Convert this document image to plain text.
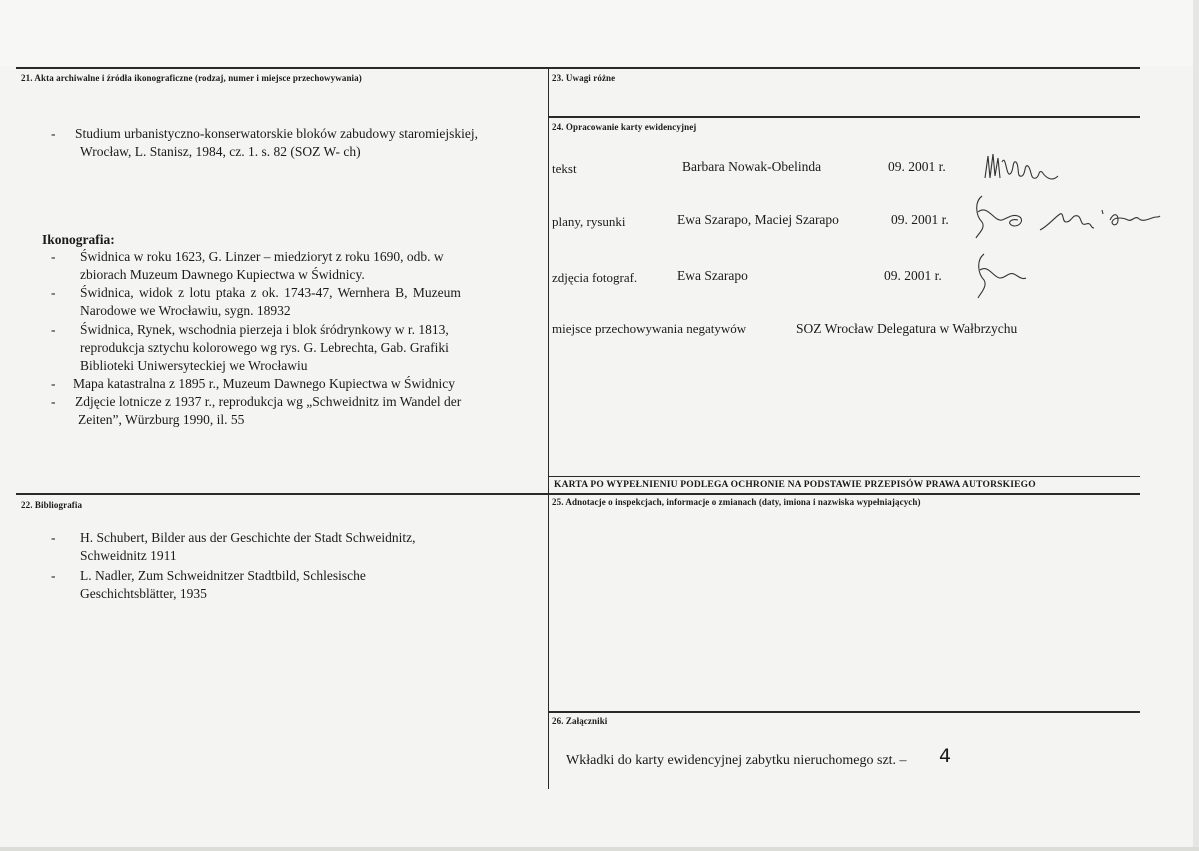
21. Akta archiwalne i źródła ikonograficzne (rodzaj, numer i miejsce przechowywania)
- Studium urbanistyczno-konserwatorskie bloków zabudowy staromiejskiej,
Wrocław, L. Stanisz, 1984, cz. 1. s. 82 (SOZ W- ch)
Ikonografia:
- Świdnica w roku 1623, G. Linzer – miedzioryt z roku 1690, odb. w
zbiorach Muzeum Dawnego Kupiectwa w Świdnicy.
- Świdnica, widok z lotu ptaka z ok. 1743-47, Wernhera B, Muzeum
Narodowe we Wrocławiu, sygn. 18932
- Świdnica, Rynek, wschodnia pierzeja i blok śródrynkowy w r. 1813,
reprodukcja sztychu kolorowego wg rys. G. Lebrechta, Gab. Grafiki
Biblioteki Uniwersyteckiej we Wrocławiu
- Mapa katastralna z 1895 r., Muzeum Dawnego Kupiectwa w Świdnicy
- Zdjęcie lotnicze z 1937 r., reprodukcja wg „Schweidnitz im Wandel der
Zeiten”, Würzburg 1990, il. 55
22. Bibliografia
- H. Schubert, Bilder aus der Geschichte der Stadt Schweidnitz,
Schweidnitz 1911
- L. Nadler, Zum Schweidnitzer Stadtbild, Schlesische
Geschichtsblätter, 1935
23. Uwagi różne
24. Opracowanie karty ewidencyjnej
tekst	Barbara Nowak-Obelinda	09. 2001 r.
plany, rysunki	Ewa Szarapo, Maciej Szarapo	09. 2001 r.
zdjęcia fotograf.	Ewa Szarapo	09. 2001 r.
miejsce przechowywania negatywów	SOZ Wrocław Delegatura w Wałbrzychu
KARTA PO WYPEŁNIENIU PODLEGA OCHRONIE NA PODSTAWIE PRZEPISÓW PRAWA AUTORSKIEGO
25. Adnotacje o inspekcjach, informacje o zmianach (daty, imiona i nazwiska wypełniających)
26. Załączniki
Wkładki do karty ewidencyjnej zabytku nieruchomego szt. – 4
